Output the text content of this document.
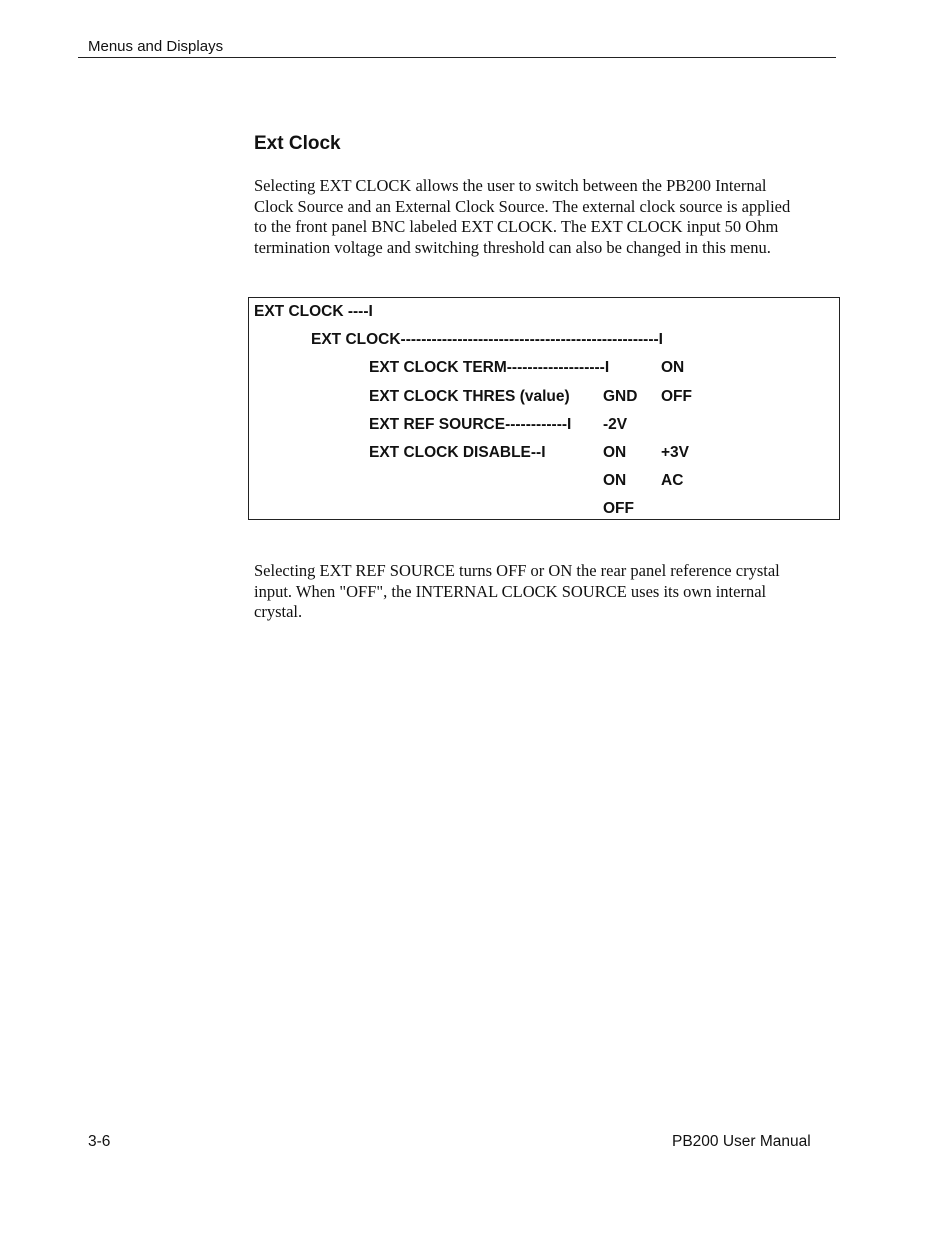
Menus and Displays
Ext Clock

Selecting EXT CLOCK allows the user to switch between the PB200 Internal
Clock Source and an External Clock Source. The external clock source is applied
to the front panel BNC labeled EXT CLOCK. The EXT CLOCK input 50 Ohm
termination voltage and switching threshold can also be changed in this menu.

EXT CLOCK ----I
EXT CLOCK--------------------------------------------------I
EXT CLOCK TERM-------------------I
EXT CLOCK THRES (value)
EXT REF SOURCE------------I
EXT CLOCK DISABLE--I
GND
-2V
ON
ON
OFF
ON
OFF
+3V
AC

Selecting EXT REF SOURCE turns OFF or ON the rear panel reference crystal
input. When "OFF", the INTERNAL CLOCK SOURCE uses its own internal
crystal.

3-6	PB200 User Manual
